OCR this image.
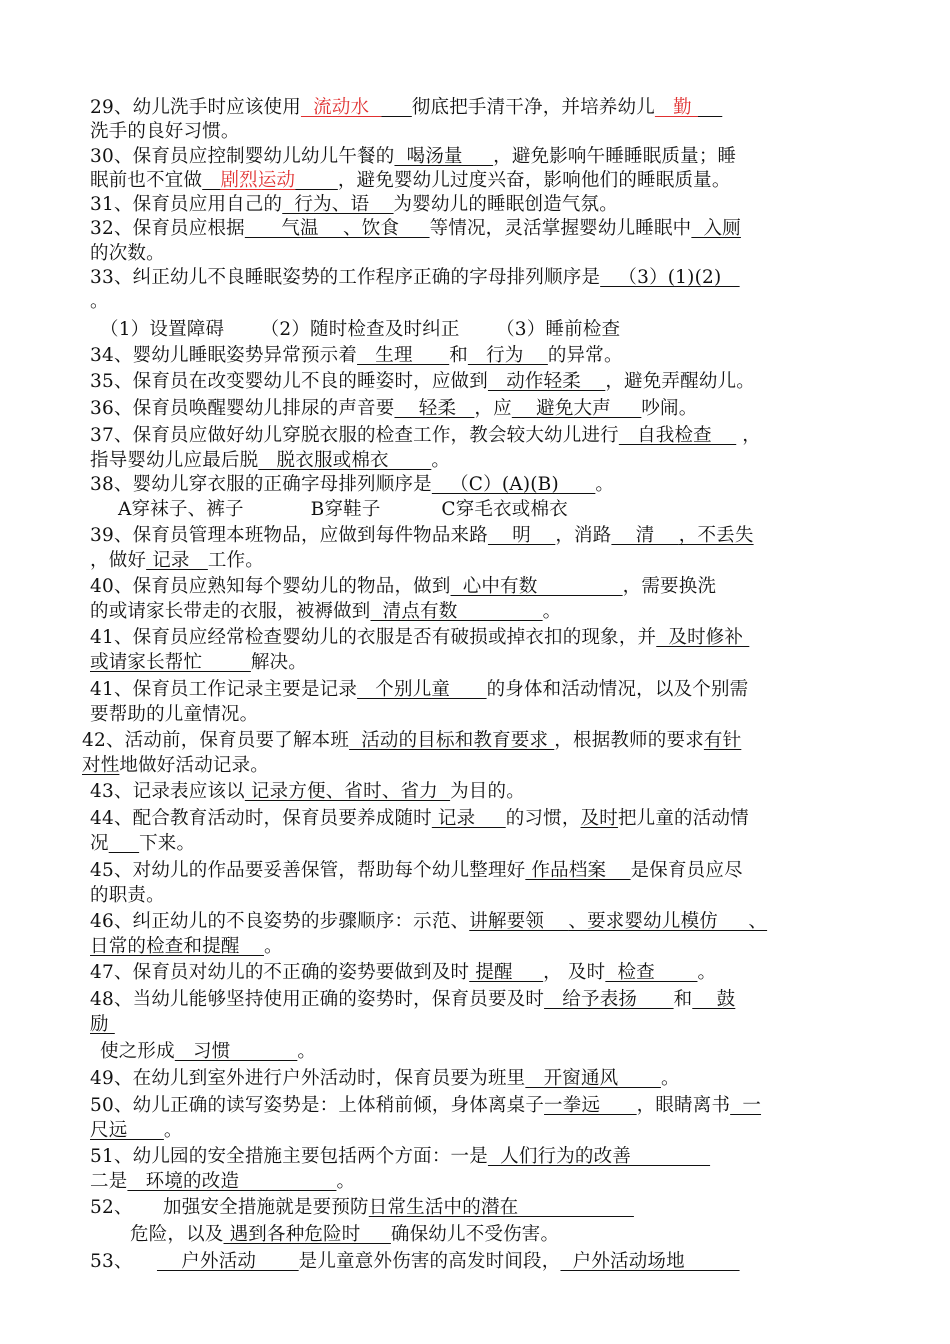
29、幼儿洗手时应该使用  流动水       彻底把手清干净，并培养幼儿   勤
洗手的良好习惯。
30、保育员应控制婴幼儿幼儿午餐的  喝汤量     ，避免影响午睡睡眠质量；睡
眠前也不宜做 剧烈运动 ，避免婴幼儿过度兴奋，影响他们的睡眠质量。
31、保育员应用自己的  行为、语    为婴幼儿的睡眠创造气氛。
32、保育员应根据      气温    、饮食     等情况，灵活掌握婴幼儿睡眠中  入厕
的次数。
33、纠正幼儿不良睡眠姿势的工作程序正确的字母排列顺序是   （3）(1)(2)
。
（1）设置障碍      （2）随时检查及时纠正      （3）睡前检查
34、婴幼儿睡眠姿势异常预示着   生理      和   行为    的异常。
35、保育员在改变婴幼儿不良的睡姿时，应做到   动作轻柔    ，避免弄醒幼儿。
36、保育员唤醒婴幼儿排尿的声音要    轻柔   ，应    避免大声     吵闹。
37、保育员应做好幼儿穿脱衣服的检查工作，教会较大幼儿进行   自我检查     ，
指导婴幼儿应最后脱   脱衣服或棉衣       。
38、婴幼儿穿衣服的正确字母排列顺序是   （C）(A)(B)      。
A穿袜子、裤子           B穿鞋子          C穿毛衣或棉衣
39、保育员管理本班物品，应做到每件物品来路    明    ，消路    清    ，不丢失
，做好 记录   工作。
40、保育员应熟知每个婴幼儿的物品，做到  心中有数              ，需要换洗
的或请家长带走的衣服，被褥做到  清点有数              。
41、保育员应经常检查婴幼儿的衣服是否有破损或掉衣扣的现象，并  及时修补
或请家长帮忙        解决。
41、保育员工作记录主要是记录   个别儿童      的身体和活动情况，以及个别需
要帮助的儿童情况。
42、活动前，保育员要了解本班  活动的目标和教育要求 ，根据教师的要求有针
对性地做好活动记录。
43、记录表应该以 记录方便、省时、省力  为目的。
44、配合教育活动时，保育员要养成随时 记录     的习惯，及时把儿童的活动情
况 下来。
45、对幼儿的作品要妥善保管，帮助每个幼儿整理好 作品档案    是保育员应尽
的职责。
46、纠正幼儿的不良姿势的步骤顺序：示范、讲解要领    、要求婴幼儿模仿     、
日常的检查和提醒    。
47、保育员对幼儿的不正确的姿势要做到及时 提醒     ， 及时  检查       。
48、当幼儿能够坚持使用正确的姿势时，保育员要及时   给予表扬      和    鼓
励
使之形成   习惯           。
49、在幼儿到室外进行户外活动时，保育员要为班里   开窗通风       。
50、幼儿正确的读写姿势是：上体稍前倾，身体离桌子一拳远      ，眼睛离书  一
尺远      。
51、幼儿园的安全措施主要包括两个方面：一是  人们行为的改善
二是   环境的改造                。
52、     加强安全措施就是要预防日常生活中的潜在
危险，以及 遇到各种危险时     确保幼儿不受伤害。
53、        户外活动       是儿童意外伤害的高发时间段，  户外活动场地
